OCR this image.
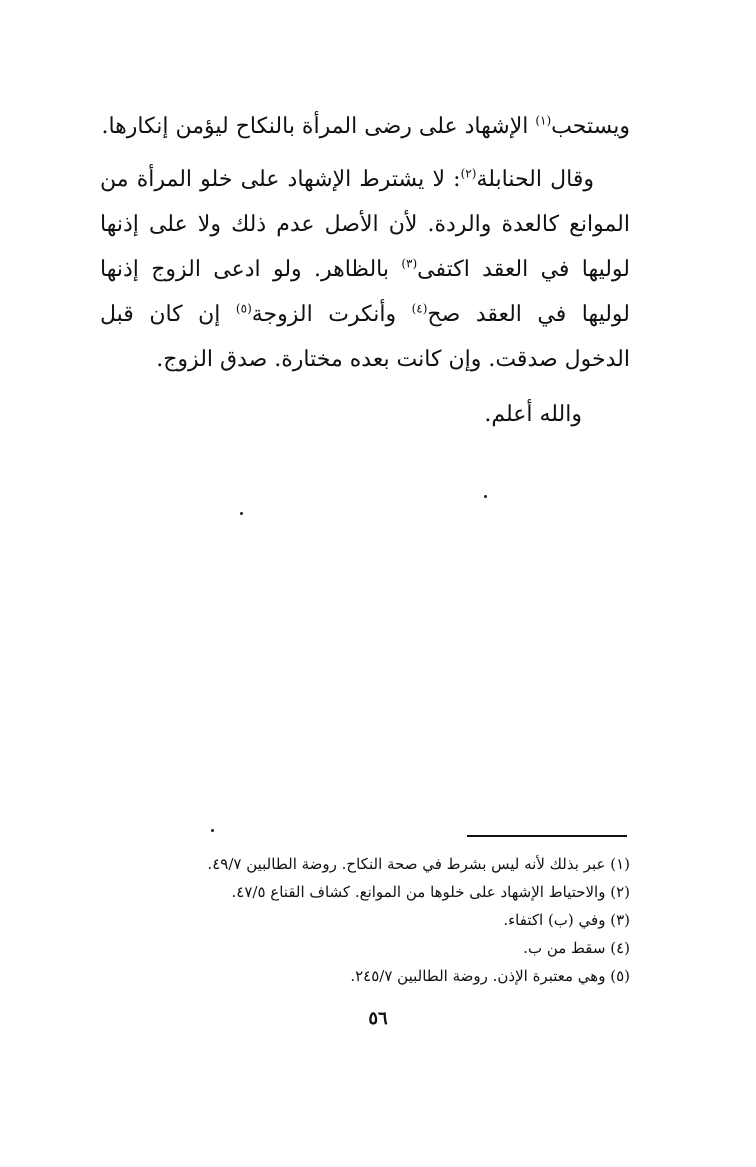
ويستحب$^{(١)}$ الإشهاد على رضى المرأة بالنكاح ليؤمن إنكارها.

وقال الحنابلة$^{(٢)}$: لا يشترط الإشهاد على خلو المرأة من الموانع كالعدة والردة. لأن الأصل عدم ذلك ولا على إذنها لوليها في العقد اكتفى$^{(٣)}$ بالظاهر. ولو ادعى الزوج إذنها لوليها في العقد صح$^{(٤)}$ وأنكرت الزوجة$^{(٥)}$ إن كان قبل الدخول صدقت. وإن كانت بعده مختارة. صدق الزوج.

والله أعلم.

(١) عبر بذلك لأنه ليس بشرط في صحة النكاح. روضة الطالبين ٤٩/٧.
(٢) والاحتياط الإشهاد على خلوها من الموانع. كشاف القناع ٤٧/٥.
(٣) وفي (ب) اكتفاء.
(٤) سقط من ب.
(٥) وهي معتبرة الإذن. روضة الطالبين ٢٤٥/٧.
٥٦
